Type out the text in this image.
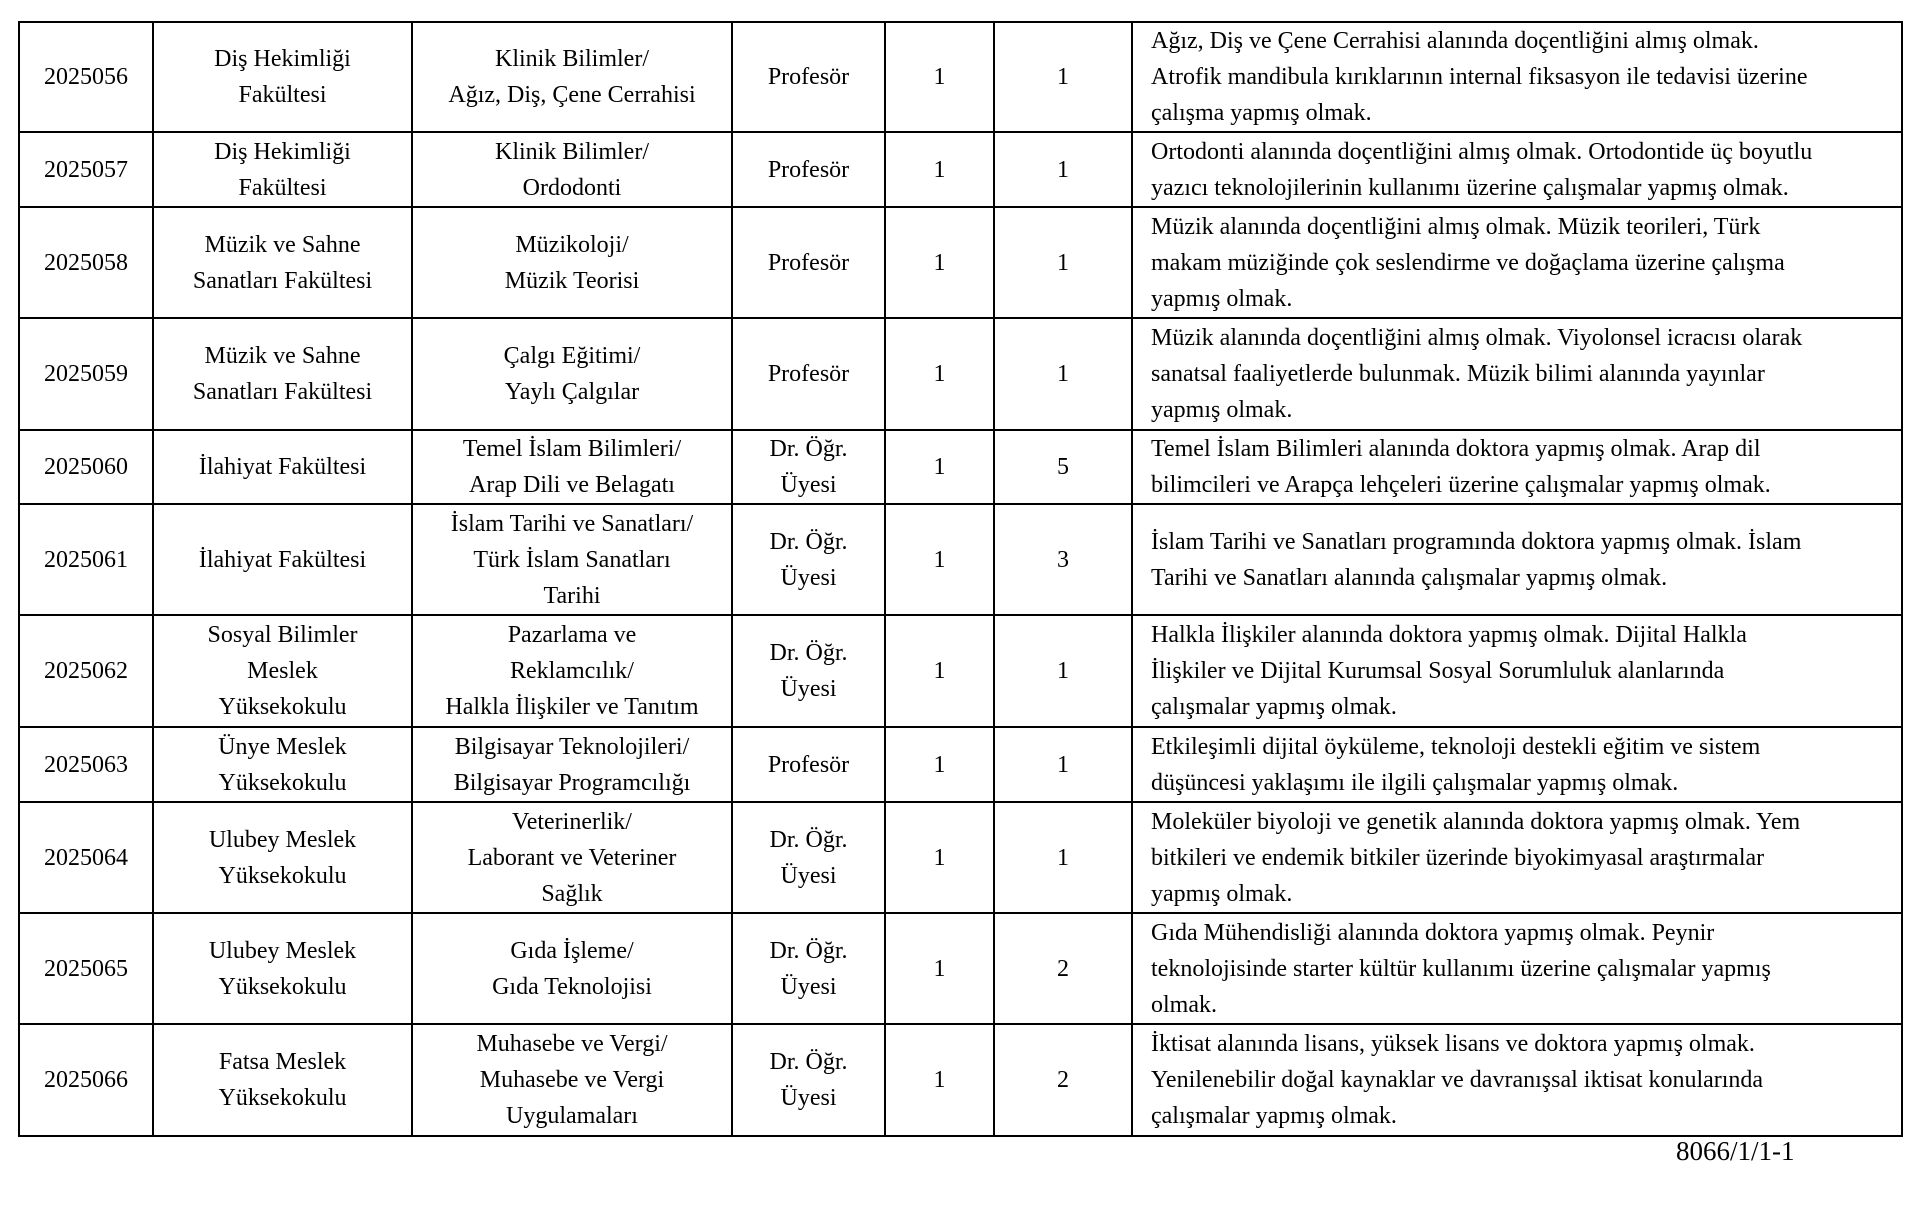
2025056	Diş Hekimliği
Fakültesi	Klinik Bilimler/
Ağız, Diş, Çene Cerrahisi	Profesör	1	1	Ağız, Diş ve Çene Cerrahisi alanında doçentliğini almış olmak.
Atrofik mandibula kırıklarının internal fiksasyon ile tedavisi üzerine
çalışma yapmış olmak.

2025057	Diş Hekimliği
Fakültesi	Klinik Bilimler/
Ordodonti	Profesör	1	1	Ortodonti alanında doçentliğini almış olmak. Ortodontide üç boyutlu
yazıcı teknolojilerinin kullanımı üzerine çalışmalar yapmış olmak.

2025058	Müzik ve Sahne
Sanatları Fakültesi	Müzikoloji/
Müzik Teorisi	Profesör	1	1	Müzik alanında doçentliğini almış olmak. Müzik teorileri, Türk
makam müziğinde çok seslendirme ve doğaçlama üzerine çalışma
yapmış olmak.

2025059	Müzik ve Sahne
Sanatları Fakültesi	Çalgı Eğitimi/
Yaylı Çalgılar	Profesör	1	1	Müzik alanında doçentliğini almış olmak. Viyolonsel icracısı olarak
sanatsal faaliyetlerde bulunmak. Müzik bilimi alanında yayınlar
yapmış olmak.

2025060	İlahiyat Fakültesi	Temel İslam Bilimleri/
Arap Dili ve Belagatı	Dr. Öğr.
Üyesi	1	5	Temel İslam Bilimleri alanında doktora yapmış olmak. Arap dil
bilimcileri ve Arapça lehçeleri üzerine çalışmalar yapmış olmak.

2025061	İlahiyat Fakültesi	İslam Tarihi ve Sanatları/
Türk İslam Sanatları
Tarihi	Dr. Öğr.
Üyesi	1	3	İslam Tarihi ve Sanatları programında doktora yapmış olmak. İslam
Tarihi ve Sanatları alanında çalışmalar yapmış olmak.

2025062	Sosyal Bilimler
Meslek
Yüksekokulu	Pazarlama ve
Reklamcılık/
Halkla İlişkiler ve Tanıtım	Dr. Öğr.
Üyesi	1	1	Halkla İlişkiler alanında doktora yapmış olmak. Dijital Halkla
İlişkiler ve Dijital Kurumsal Sosyal Sorumluluk alanlarında
çalışmalar yapmış olmak.

2025063	Ünye Meslek
Yüksekokulu	Bilgisayar Teknolojileri/
Bilgisayar Programcılığı	Profesör	1	1	Etkileşimli dijital öyküleme, teknoloji destekli eğitim ve sistem
düşüncesi yaklaşımı ile ilgili çalışmalar yapmış olmak.

2025064	Ulubey Meslek
Yüksekokulu	Veterinerlik/
Laborant ve Veteriner
Sağlık	Dr. Öğr.
Üyesi	1	1	Moleküler biyoloji ve genetik alanında doktora yapmış olmak. Yem
bitkileri ve endemik bitkiler üzerinde biyokimyasal araştırmalar
yapmış olmak.

2025065	Ulubey Meslek
Yüksekokulu	Gıda İşleme/
Gıda Teknolojisi	Dr. Öğr.
Üyesi	1	2	Gıda Mühendisliği alanında doktora yapmış olmak. Peynir
teknolojisinde starter kültür kullanımı üzerine çalışmalar yapmış
olmak.

2025066	Fatsa Meslek
Yüksekokulu	Muhasebe ve Vergi/
Muhasebe ve Vergi
Uygulamaları	Dr. Öğr.
Üyesi	1	2	İktisat alanında lisans, yüksek lisans ve doktora yapmış olmak.
Yenilenebilir doğal kaynaklar ve davranışsal iktisat konularında
çalışmalar yapmış olmak.
8066/1/1-1
